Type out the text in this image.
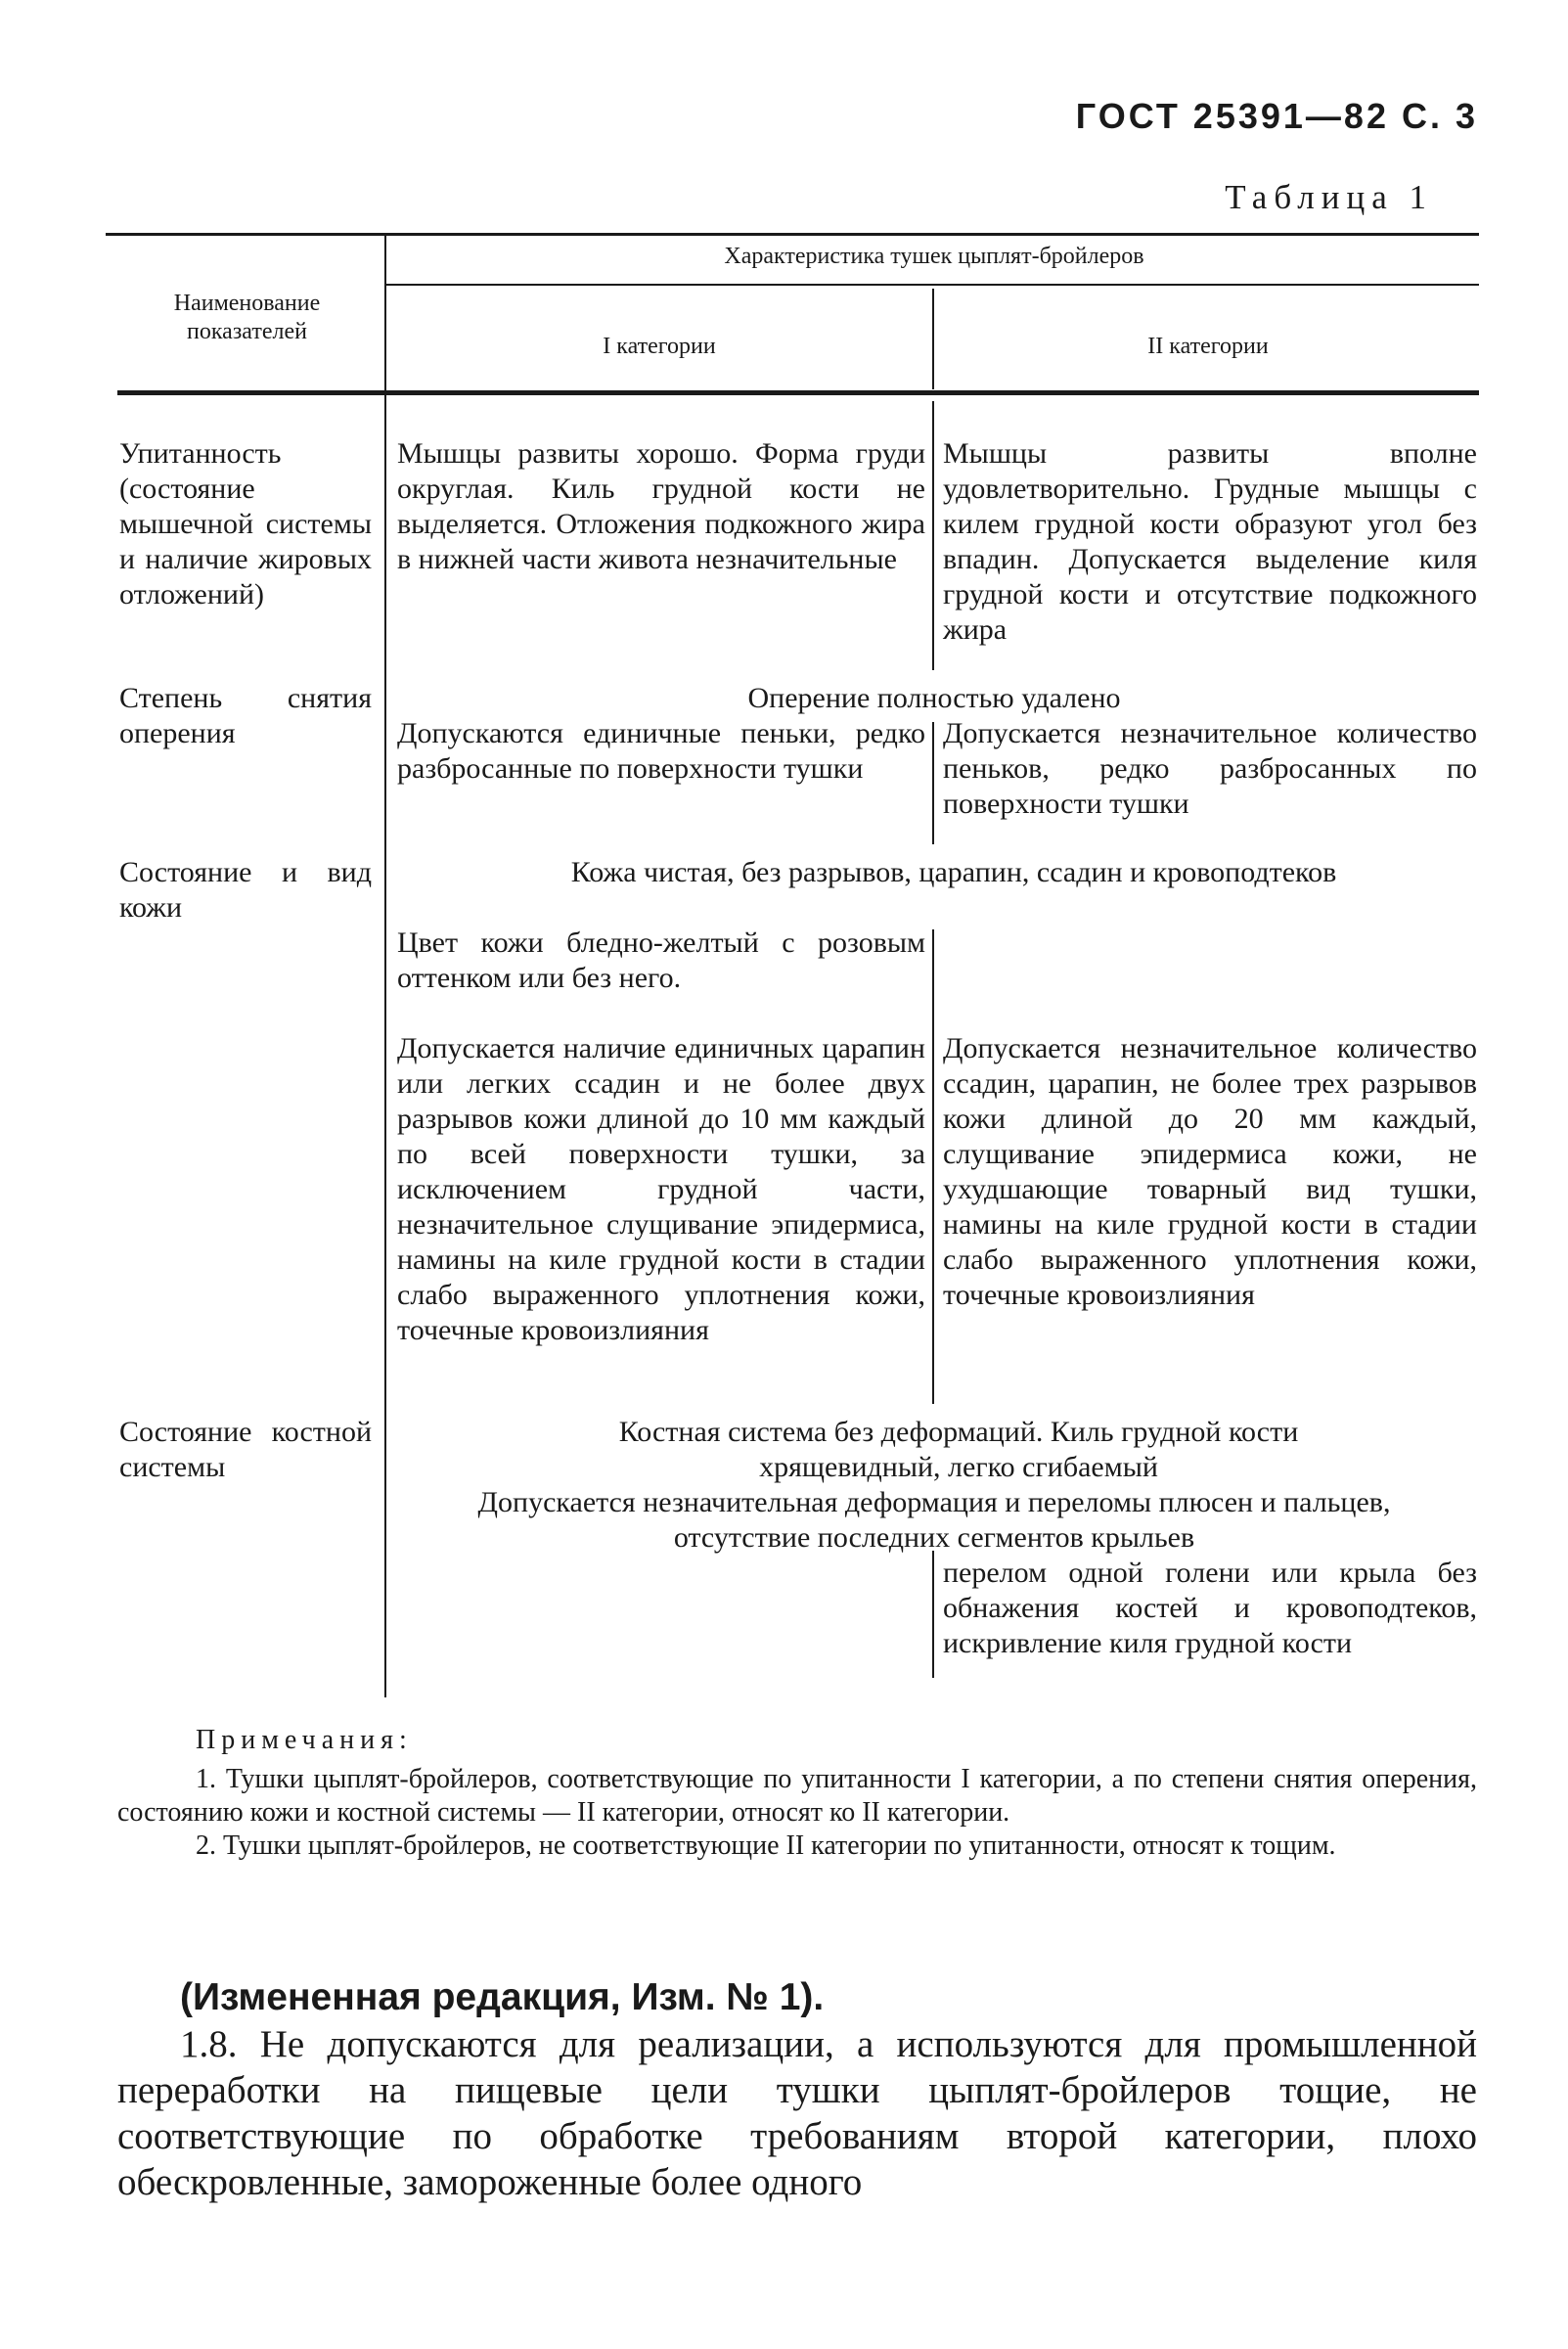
ГОСТ 25391—82 С. 3
Таблица 1
Наименование показателей
Характеристика тушек цыплят-бройлеров
I категории	II категории
Упитанность (состояние мышечной системы и наличие жировых отложений)
Мышцы развиты хорошо. Форма груди округлая. Киль грудной кости не выделяется. Отложения подкожного жира в нижней части живота незначительные
Мышцы развиты вполне удовлетворительно. Грудные мышцы с килем грудной кости образуют угол без впадин. Допускается выделение киля грудной кости и отсутствие подкожного жира
Степень снятия оперения
Оперение полностью удалено
Допускаются единичные пеньки, редко разбросанные по поверхности тушки
Допускается незначительное количество пеньков, редко разбросанных по поверхности тушки
Состояние и вид кожи
Кожа чистая, без разрывов, царапин, ссадин и кровоподтеков
Цвет кожи бледно-желтый с розовым оттенком или без него.
Допускается наличие единичных царапин или легких ссадин и не более двух разрывов кожи длиной до 10 мм каждый по всей поверхности тушки, за исключением грудной части, незначительное слущивание эпидермиса, намины на киле грудной кости в стадии слабо выраженного уплотнения кожи, точечные кровоизлияния
Допускается незначительное количество ссадин, царапин, не более трех разрывов кожи длиной до 20 мм каждый, слущивание эпидермиса кожи, не ухудшающие товарный вид тушки, намины на киле грудной кости в стадии слабо выраженного уплотнения кожи, точечные кровоизлияния
Состояние костной системы
Костная система без деформаций. Киль грудной кости хрящевидный, легко сгибаемый
Допускается незначительная деформация и переломы плюсен и пальцев, отсутствие последних сегментов крыльев
перелом одной голени или крыла без обнажения костей и кровоподтеков, искривление киля грудной кости

Примечания:

1. Тушки цыплят-бройлеров, соответствующие по упитанности I категории, а по степени снятия оперения, состоянию кожи и костной системы — II категории, относят ко II категории.

2. Тушки цыплят-бройлеров, не соответствующие II категории по упитанности, относят к тощим.

(Измененная редакция, Изм. № 1).

1.8. Не допускаются для реализации, а используются для промышленной переработки на пищевые цели тушки цыплят-бройлеров тощие, не соответствующие по обработке требованиям второй категории, плохо обескровленные, замороженные более одного
